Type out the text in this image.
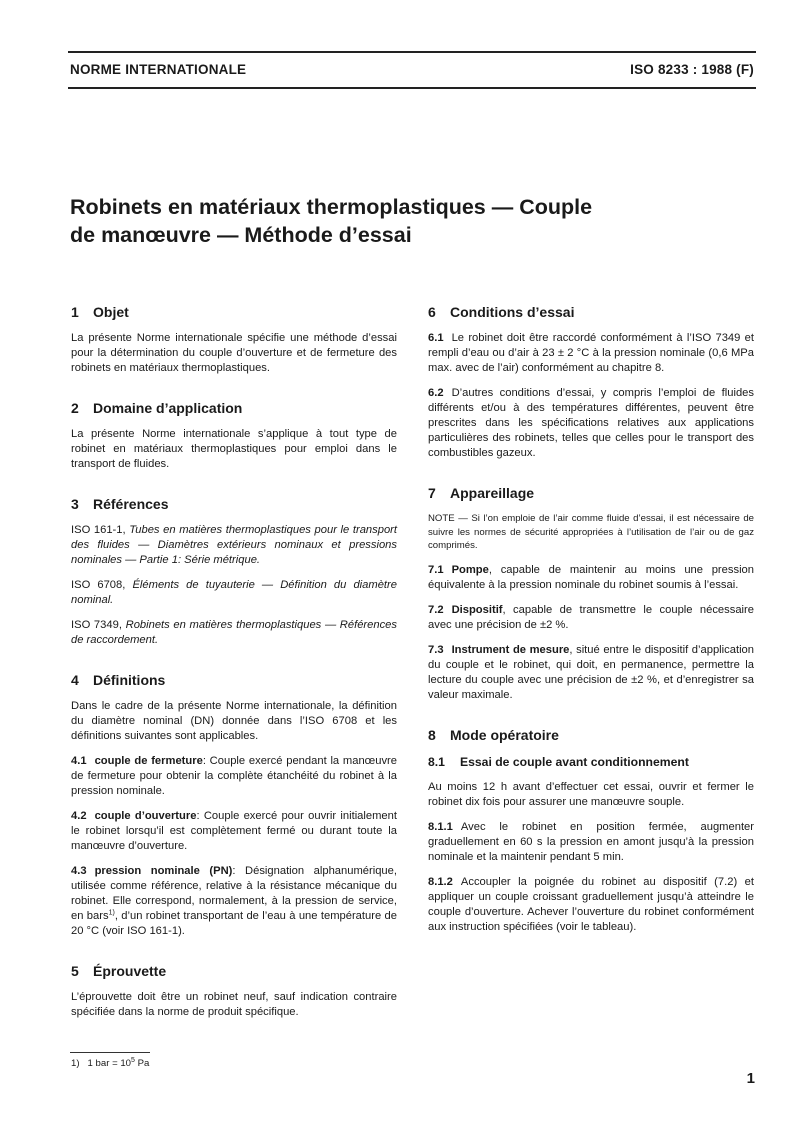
NORME INTERNATIONALE	ISO 8233 : 1988 (F)
Robinets en matériaux thermoplastiques — Couple
de manœuvre — Méthode d’essai
1 Objet

La présente Norme internationale spécifie une méthode d’essai pour la détermination du couple d’ouverture et de fermeture des robinets en matériaux thermoplastiques.

2 Domaine d’application

La présente Norme internationale s’applique à tout type de robinet en matériaux thermoplastiques pour emploi dans le transport de fluides.

3 Références

ISO 161-1, Tubes en matières thermoplastiques pour le transport des fluides — Diamètres extérieurs nominaux et pressions nominales — Partie 1: Série métrique.

ISO 6708, Éléments de tuyauterie — Définition du diamètre nominal.

ISO 7349, Robinets en matières thermoplastiques — Références de raccordement.

4 Définitions

Dans le cadre de la présente Norme internationale, la définition du diamètre nominal (DN) donnée dans l’ISO 6708 et les définitions suivantes sont applicables.

4.1 couple de fermeture: Couple exercé pendant la manœuvre de fermeture pour obtenir la complète étanchéité du robinet à la pression nominale.

4.2 couple d’ouverture: Couple exercé pour ouvrir initialement le robinet lorsqu’il est complètement fermé ou durant toute la manœuvre d’ouverture.

4.3 pression nominale (PN): Désignation alphanumérique, utilisée comme référence, relative à la résistance mécanique du robinet. Elle correspond, normalement, à la pression de service, en bars$^{1)}$, d’un robinet transportant de l’eau à une température de 20 °C (voir ISO 161-1).

5 Éprouvette

L’éprouvette doit être un robinet neuf, sauf indication contraire spécifiée dans la norme de produit spécifique.

6 Conditions d’essai

6.1 Le robinet doit être raccordé conformément à l’ISO 7349 et rempli d’eau ou d’air à 23 ± 2 °C à la pression nominale (0,6 MPa max. avec de l’air) conformément au chapitre 8.

6.2 D’autres conditions d’essai, y compris l’emploi de fluides différents et/ou à des températures différentes, peuvent être prescrites dans les spécifications relatives aux applications particulières des robinets, telles que celles pour le transport des combustibles gazeux.

7 Appareillage

NOTE — Si l’on emploie de l’air comme fluide d’essai, il est nécessaire de suivre les normes de sécurité appropriées à l’utilisation de l’air ou de gaz comprimés.

7.1 Pompe, capable de maintenir au moins une pression équivalente à la pression nominale du robinet soumis à l’essai.

7.2 Dispositif, capable de transmettre le couple nécessaire avec une précision de ±2 %.

7.3 Instrument de mesure, situé entre le dispositif d’application du couple et le robinet, qui doit, en permanence, permettre la lecture du couple avec une précision de ±2 %, et d’enregistrer sa valeur maximale.

8 Mode opératoire
8.1 Essai de couple avant conditionnement

Au moins 12 h avant d’effectuer cet essai, ouvrir et fermer le robinet dix fois pour assurer une manœuvre souple.

8.1.1 Avec le robinet en position fermée, augmenter graduellement en 60 s la pression en amont jusqu’à la pression nominale et la maintenir pendant 5 min.

8.1.2 Accoupler la poignée du robinet au dispositif (7.2) et appliquer un couple croissant graduellement jusqu’à atteindre le couple d’ouverture. Achever l’ouverture du robinet conformément aux instruction spécifiées (voir le tableau).

1) 1 bar = $10^5$ Pa
1
